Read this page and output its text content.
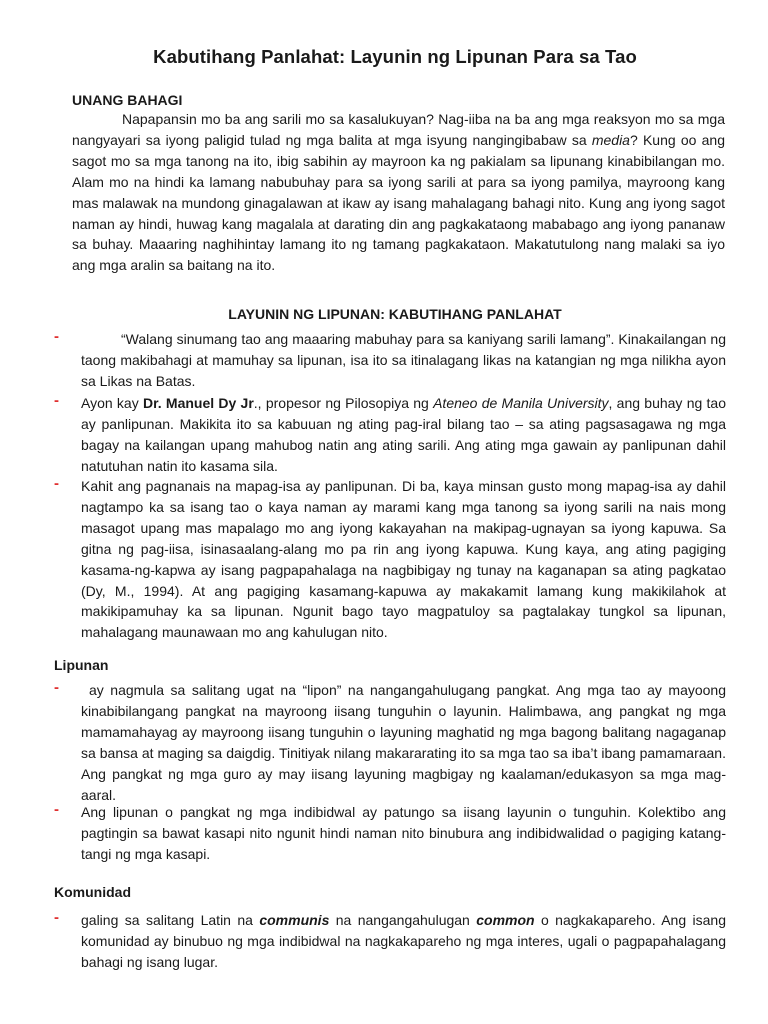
Kabutihang Panlahat: Layunin ng Lipunan Para sa Tao
UNANG BAHAGI

Napapansin mo ba ang sarili mo sa kasalukuyan? Nag-iiba na ba ang mga reaksyon mo sa mga nangyayari sa iyong paligid tulad ng mga balita at mga isyung nangingibabaw sa media? Kung oo ang sagot mo sa mga tanong na ito, ibig sabihin ay mayroon ka ng pakialam sa lipunang kinabibilangan mo. Alam mo na hindi ka lamang nabubuhay para sa iyong sarili at para sa iyong pamilya, mayroong kang mas malawak na mundong ginagalawan at ikaw ay isang mahalagang bahagi nito. Kung ang iyong sagot naman ay hindi, huwag kang magalala at darating din ang pagkakataong mababago ang iyong pananaw sa buhay. Maaaring naghihintay lamang ito ng tamang pagkakataon. Makatutulong nang malaki sa iyo ang mga aralin sa baitang na ito.

LAYUNIN NG LIPUNAN: KABUTIHANG PANLAHAT
-	“Walang sinumang tao ang maaaring mabuhay para sa kaniyang sarili lamang”. Kinakailangan ng taong makibahagi at mamuhay sa lipunan, isa ito sa itinalagang likas na katangian ng mga nilikha ayon sa Likas na Batas.

- Ayon kay Dr. Manuel Dy Jr., propesor ng Pilosopiya ng Ateneo de Manila University, ang buhay ng tao ay panlipunan. Makikita ito sa kabuuan ng ating pag-iral bilang tao – sa ating pagsasagawa ng mga bagay na kailangan upang mahubog natin ang ating sarili. Ang ating mga gawain ay panlipunan dahil natutuhan natin ito kasama sila.

- Kahit ang pagnanais na mapag-isa ay panlipunan. Di ba, kaya minsan gusto mong mapag-isa ay dahil nagtampo ka sa isang tao o kaya naman ay marami kang mga tanong sa iyong sarili na nais mong masagot upang mas mapalago mo ang iyong kakayahan na makipag-ugnayan sa iyong kapuwa. Sa gitna ng pag-iisa, isinasaalang-alang mo pa rin ang iyong kapuwa. Kung kaya, ang ating pagiging kasama-ng-kapwa ay isang pagpapahalaga na nagbibigay ng tunay na kaganapan sa ating pagkatao (Dy, M., 1994). At ang pagiging kasamang-kapuwa ay makakamit lamang kung makikilahok at makikipamuhay ka sa lipunan. Ngunit bago tayo magpatuloy sa pagtalakay tungkol sa lipunan, mahalagang maunawaan mo ang kahulugan nito.

Lipunan
-	ay nagmula sa salitang ugat na “lipon” na nangangahulugang pangkat. Ang mga tao ay mayoong kinabibilangang pangkat na mayroong iisang tunguhin o layunin. Halimbawa, ang pangkat ng mga mamamahayag ay mayroong iisang tunguhin o layuning maghatid ng mga bagong balitang nagaganap sa bansa at maging sa daigdig. Tinitiyak nilang makararating ito sa mga tao sa iba’t ibang pamamaraan. Ang pangkat ng mga guro ay may iisang layuning magbigay ng kaalaman/edukasyon sa mga mag-aaral.

- Ang lipunan o pangkat ng mga indibidwal ay patungo sa iisang layunin o tunguhin. Kolektibo ang pagtingin sa bawat kasapi nito ngunit hindi naman nito binubura ang indibidwalidad o pagiging katang-tangi ng mga kasapi.

Komunidad
- galing sa salitang Latin na communis na nangangahulugan common o nagkakapareho. Ang isang komunidad ay binubuo ng mga indibidwal na nagkakapareho ng mga interes, ugali o pagpapahalagang bahagi ng isang lugar.
